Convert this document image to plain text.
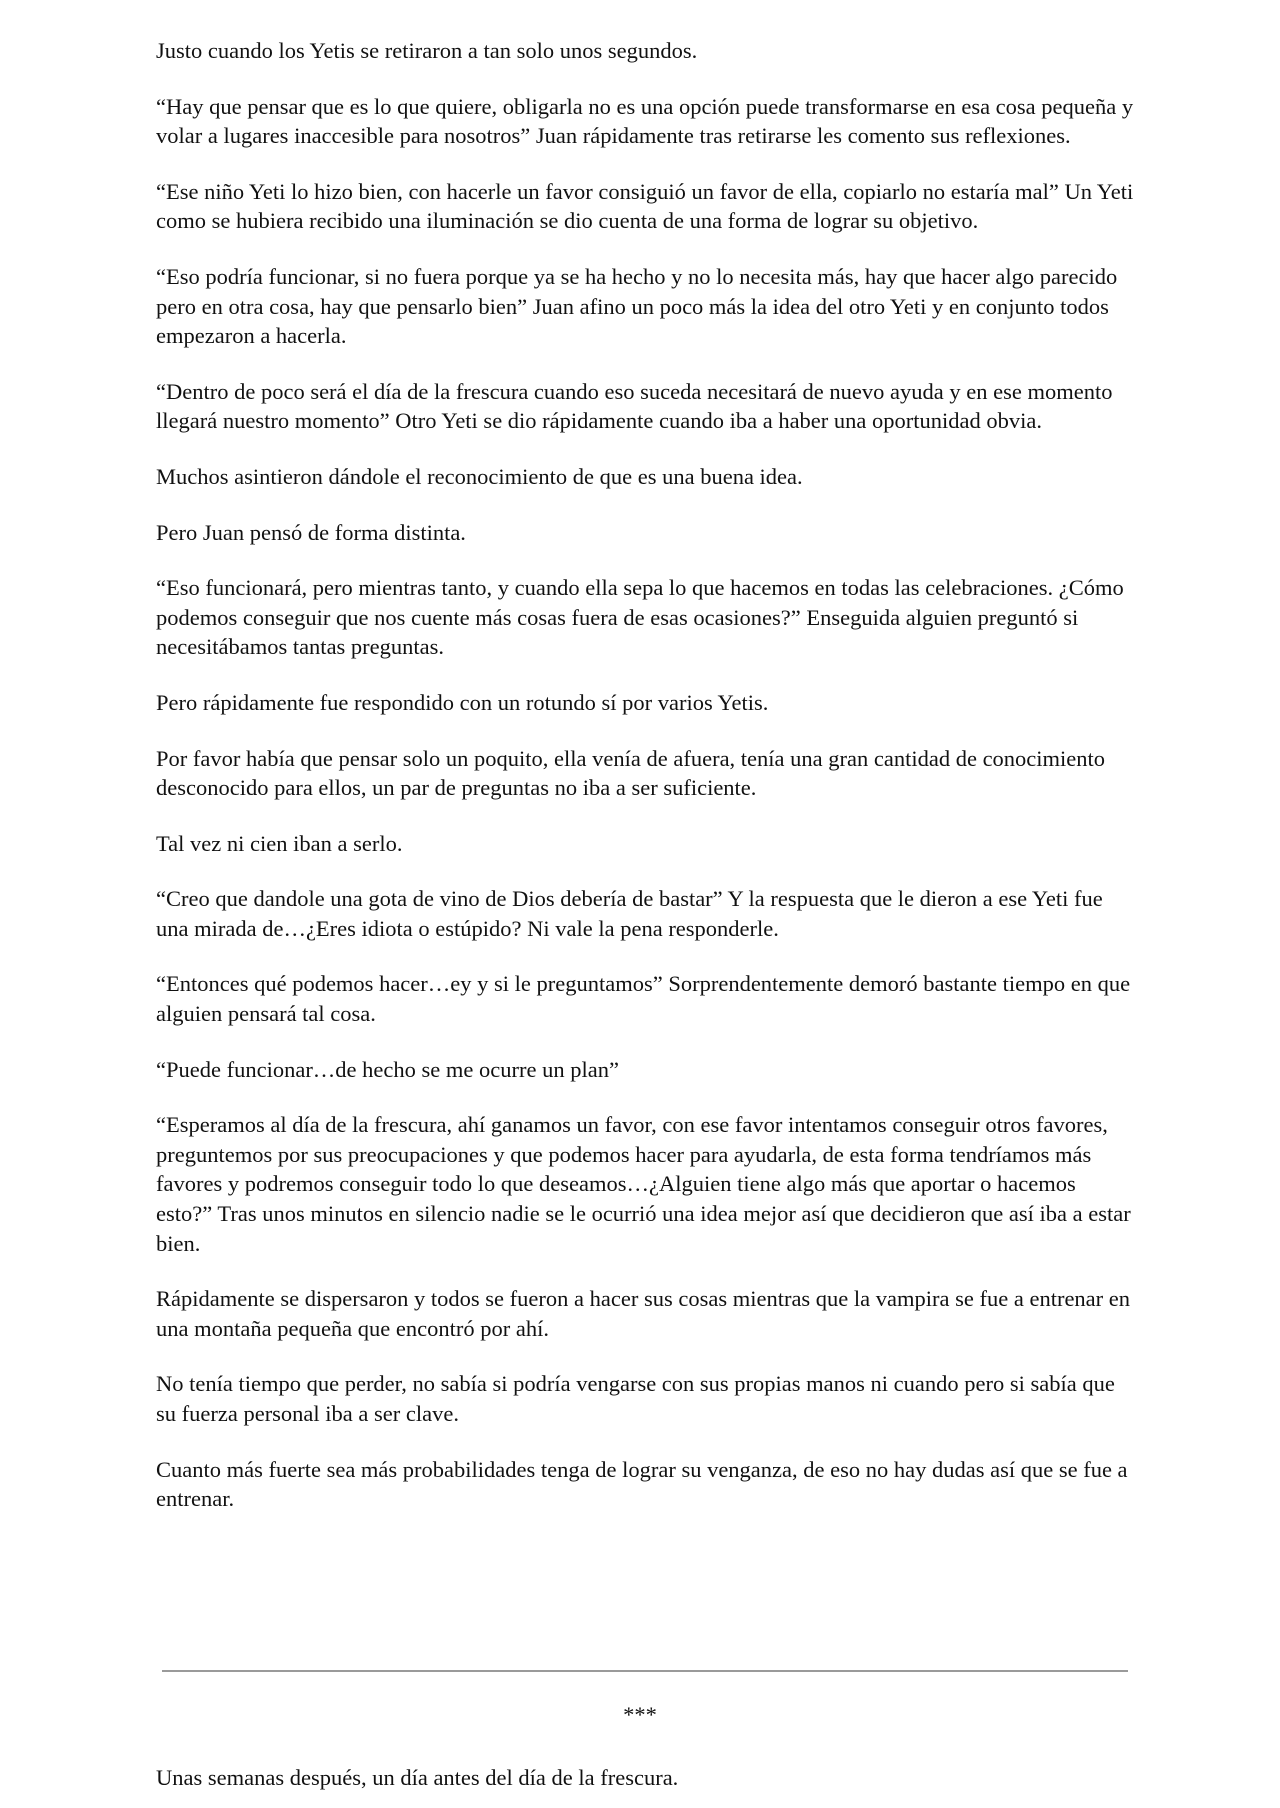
Justo cuando los Yetis se retiraron a tan solo unos segundos.

“Hay que pensar que es lo que quiere, obligarla no es una opción puede transformarse en esa cosa pequeña y volar a lugares inaccesible para nosotros” Juan rápidamente tras retirarse les comento sus reflexiones.

“Ese niño Yeti lo hizo bien, con hacerle un favor consiguió un favor de ella, copiarlo no estaría mal” Un Yeti como se hubiera recibido una iluminación se dio cuenta de una forma de lograr su objetivo.

“Eso podría funcionar, si no fuera porque ya se ha hecho y no lo necesita más, hay que hacer algo parecido pero en otra cosa, hay que pensarlo bien” Juan afino un poco más la idea del otro Yeti y en conjunto todos empezaron a hacerla.

“Dentro de poco será el día de la frescura cuando eso suceda necesitará de nuevo ayuda y en ese momento llegará nuestro momento” Otro Yeti se dio rápidamente cuando iba a haber una oportunidad obvia.

Muchos asintieron dándole el reconocimiento de que es una buena idea.

Pero Juan pensó de forma distinta.

“Eso funcionará, pero mientras tanto, y cuando ella sepa lo que hacemos en todas las celebraciones. ¿Cómo podemos conseguir que nos cuente más cosas fuera de esas ocasiones?” Enseguida alguien preguntó si necesitábamos tantas preguntas.

Pero rápidamente fue respondido con un rotundo sí por varios Yetis.

Por favor había que pensar solo un poquito, ella venía de afuera, tenía una gran cantidad de conocimiento desconocido para ellos, un par de preguntas no iba a ser suficiente.

Tal vez ni cien iban a serlo.

“Creo que dandole una gota de vino de Dios debería de bastar” Y la respuesta que le dieron a ese Yeti fue una mirada de…¿Eres idiota o estúpido? Ni vale la pena responderle.

“Entonces qué podemos hacer…ey y si le preguntamos” Sorprendentemente demoró bastante tiempo en que alguien pensará tal cosa.

“Puede funcionar…de hecho se me ocurre un plan”

“Esperamos al día de la frescura, ahí ganamos un favor, con ese favor intentamos conseguir otros favores, preguntemos por sus preocupaciones y que podemos hacer para ayudarla, de esta forma tendríamos más favores y podremos conseguir todo lo que deseamos…¿Alguien tiene algo más que aportar o hacemos esto?” Tras unos minutos en silencio nadie se le ocurrió una idea mejor así que decidieron que así iba a estar bien.

Rápidamente se dispersaron y todos se fueron a hacer sus cosas mientras que la vampira se fue a entrenar en una montaña pequeña que encontró por ahí.

No tenía tiempo que perder, no sabía si podría vengarse con sus propias manos ni cuando pero si sabía que su fuerza personal iba a ser clave.

Cuanto más fuerte sea más probabilidades tenga de lograr su venganza, de eso no hay dudas así que se fue a entrenar.

***

Unas semanas después, un día antes del día de la frescura.
